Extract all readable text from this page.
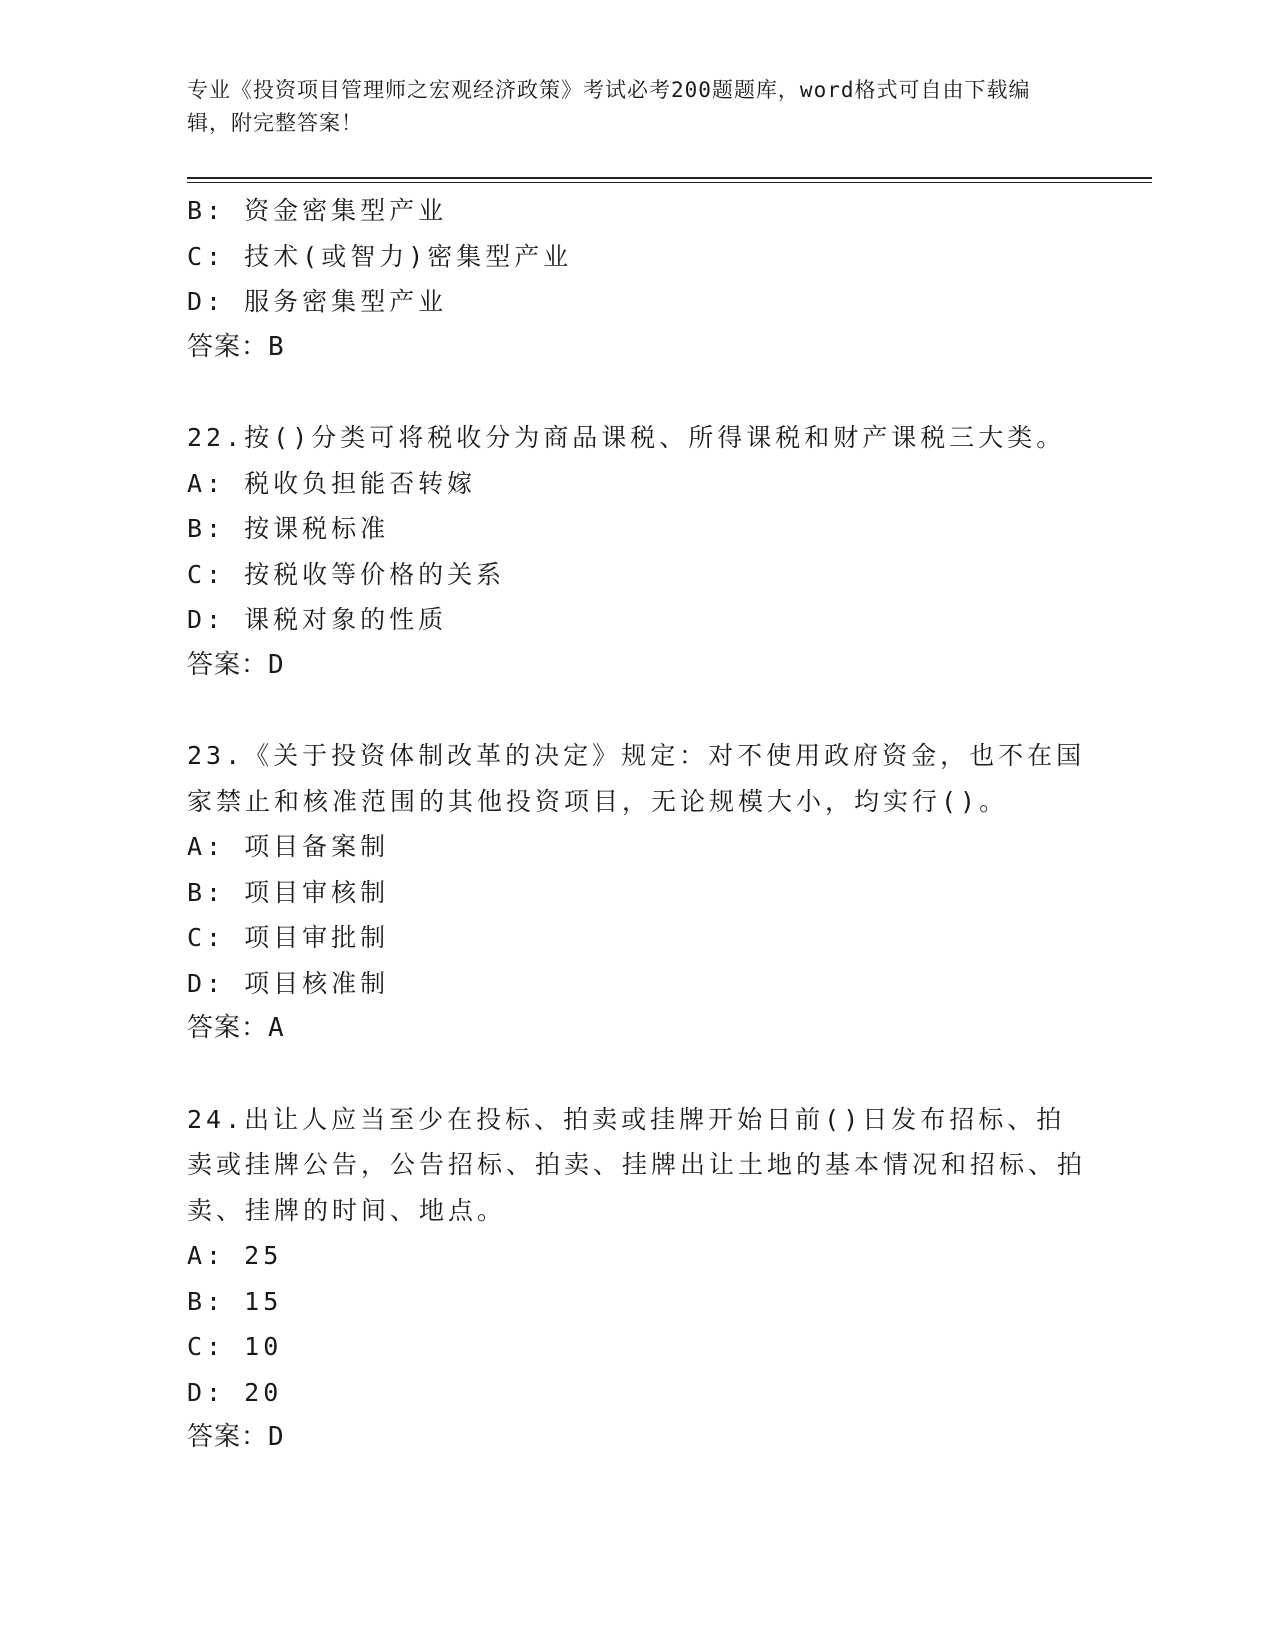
专业《投资项目管理师之宏观经济政策》考试必考200题题库，word格式可自由下载编辑，附完整答案！
B: 资金密集型产业
C: 技术(或智力)密集型产业
D: 服务密集型产业
答案：B
22.按()分类可将税收分为商品课税、所得课税和财产课税三大类。
A: 税收负担能否转嫁
B: 按课税标准
C: 按税收等价格的关系
D: 课税对象的性质
答案：D
23.《关于投资体制改革的决定》规定：对不使用政府资金，也不在国家禁止和核准范围的其他投资项目，无论规模大小，均实行()。
A: 项目备案制
B: 项目审核制
C: 项目审批制
D: 项目核准制
答案：A
24.出让人应当至少在投标、拍卖或挂牌开始日前()日发布招标、拍卖或挂牌公告，公告招标、拍卖、挂牌出让土地的基本情况和招标、拍卖、挂牌的时间、地点。
A: 25
B: 15
C: 10
D: 20
答案：D
